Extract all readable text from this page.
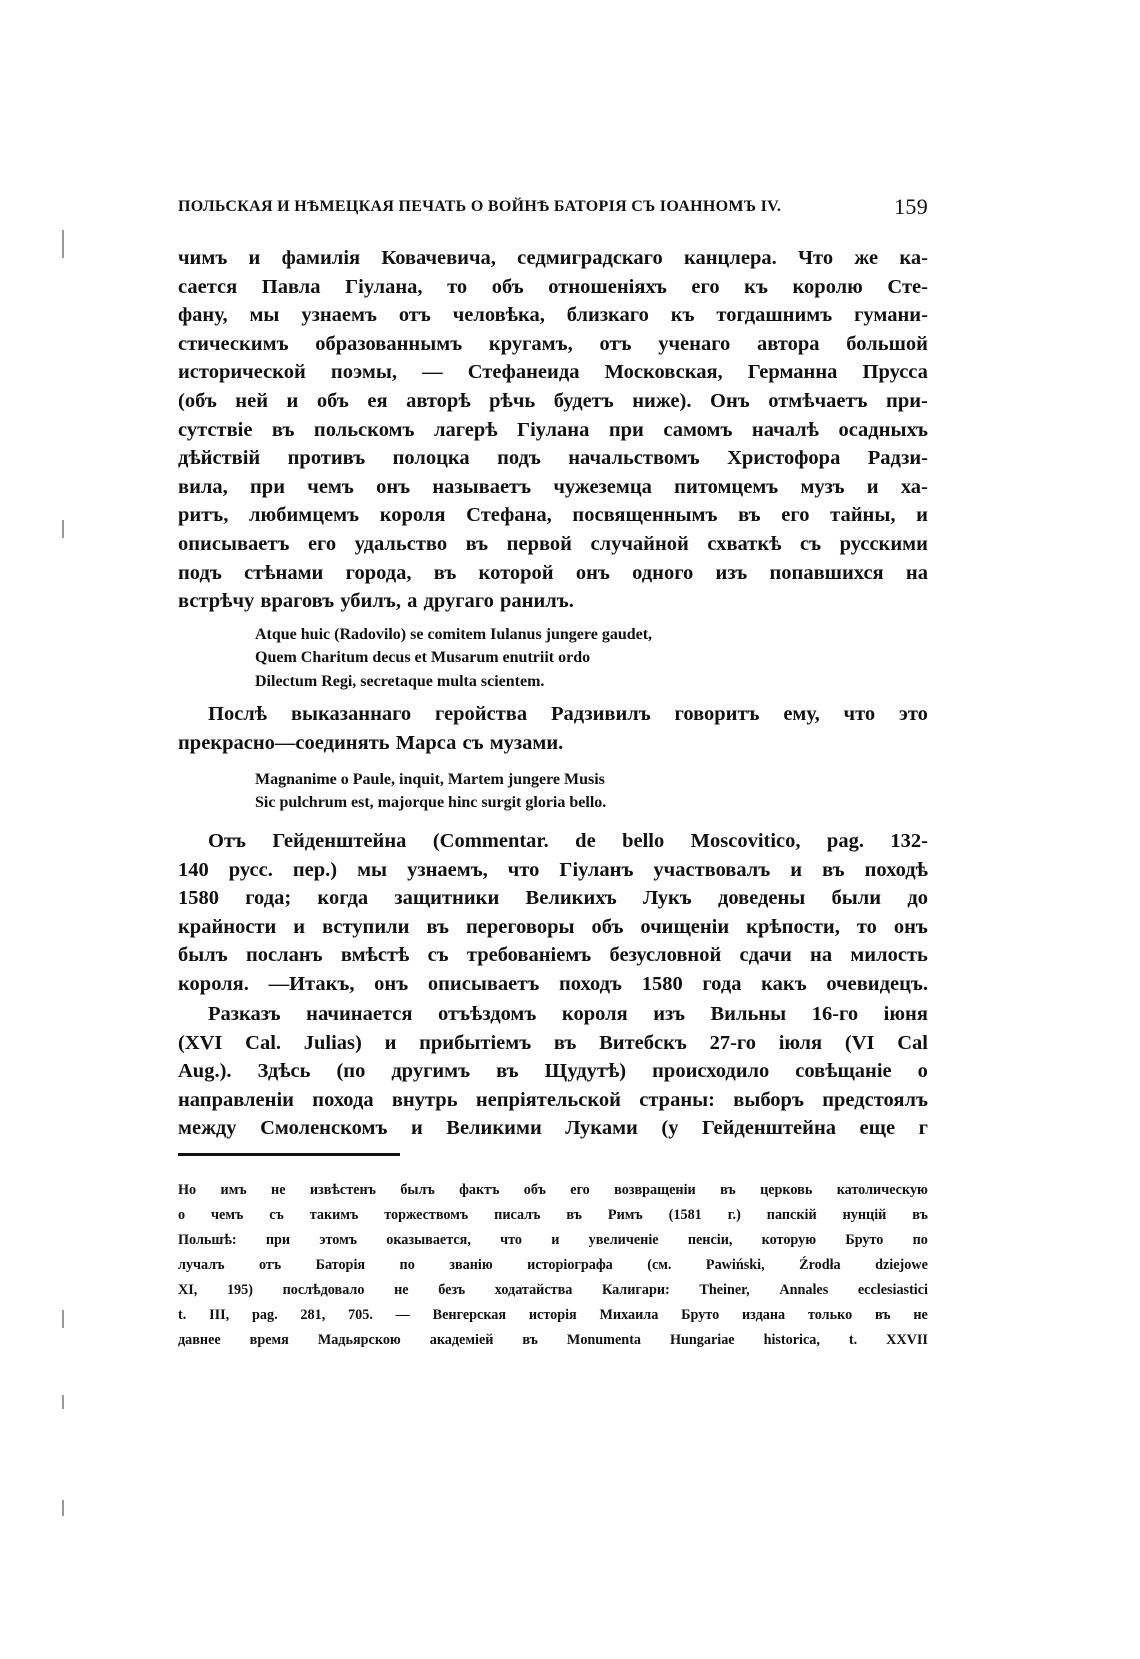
ПОЛЬСКАЯ И НѢМЕЦКАЯ ПЕЧАТЬ О ВОЙНѢ БАТОРІЯ СЪ ІОАННОМЪ IV.	159
чимъ и фамилія Ковачевича, седмиградскаго канцлера. Что же ка-
сается Павла Гіулана, то объ отношеніяхъ его къ королю Сте-
фану, мы узнаемъ отъ человѣка, близкаго къ тогдашнимъ гумани-
стическимъ образованнымъ кругамъ, отъ ученаго автора большой
исторической поэмы, — Стефанеида Московская, Германна Прусса
(объ ней и объ ея авторѣ рѣчь будетъ ниже). Онъ отмѣчаетъ при-
сутствіе въ польскомъ лагерѣ Гіулана при самомъ началѣ осадныхъ
дѣйствій противъ полоцка подъ начальствомъ Христофора Радзи-
вила, при чемъ онъ называетъ чужеземца питомцемъ музъ и ха-
ритъ, любимцемъ короля Стефана, посвященнымъ въ его тайны, и
описываетъ его удальство въ первой случайной схваткѣ съ русскими
подъ стѣнами города, въ которой онъ одного изъ попавшихся на
встрѣчу враговъ убилъ, а другаго ранилъ.
Atque huic (Radovilo) se comitem Iulanus jungere gaudet,
Quem Charitum decus et Musarum enutriit ordo
Dilectum Regi, secretaque multa scientem.
Послѣ выказаннаго геройства Радзивилъ говоритъ ему, что это
прекрасно—соединять Марса съ музами.
Magnanime o Paule, inquit, Martem jungere Musis
Sic pulchrum est, majorque hinc surgit gloria bello.
Отъ Гейденштейна (Commentar. de bello Moscovitico, pag. 132-
140 русс. пер.) мы узнаемъ, что Гіуланъ участвовалъ и въ походѣ
1580 года; когда защитники Великихъ Лукъ доведены были до
крайности и вступили въ переговоры объ очищеніи крѣпости, то онъ
былъ посланъ вмѣстѣ съ требованіемъ безусловной сдачи на милость
короля. —Итакъ, онъ описываетъ походъ 1580 года какъ очевидецъ.
Разказъ начинается отъѣздомъ короля изъ Вильны 16-го іюня
(XVI Cal. Julias) и прибытіемъ въ Витебскъ 27-го іюля (VI Cal
Aug.). Здѣсь (по другимъ въ Щудутѣ) происходило совѣщаніе о
направленіи похода внутрь непріятельской страны: выборъ предстоялъ
между Смоленскомъ и Великими Луками (у Гейденштейна еще г
Но имъ не извѣстенъ былъ фактъ объ его возвращеніи въ церковь католическую
о чемъ съ такимъ торжествомъ писалъ въ Римъ (1581 г.) папскій нунцій въ
Польшѣ: при этомъ оказывается, что и увеличеніе пенсіи, которую Бруто по
лучалъ отъ Баторія по званію исторіографа (см. Pawiński, Źrodła dziejowe
XI, 195) послѣдовало не безъ ходатайства Калигари: Theiner, Annales ecclesiastici
t. III, pag. 281, 705. — Венгерская исторія Михаила Бруто издана только въ не
давнее время Мадьярскою академіей въ Monumenta Hungariae historica, t. XXVII
